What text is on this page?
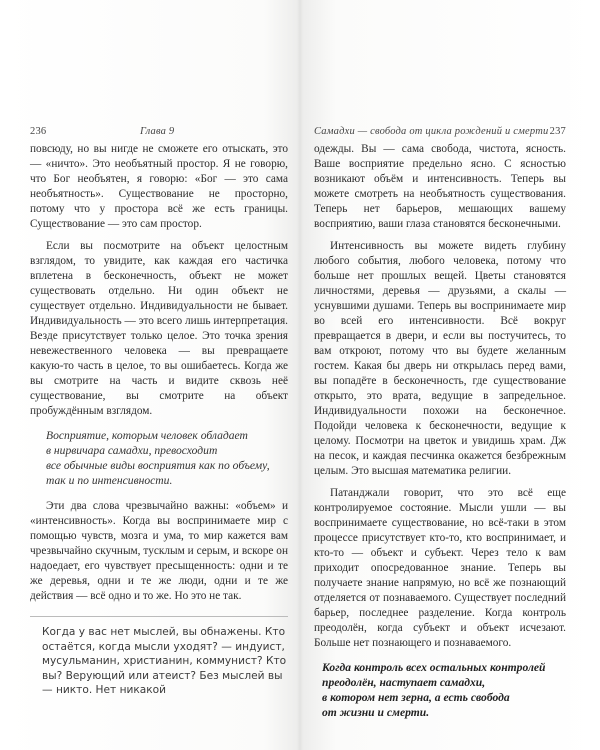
236	Глава 9

повсюду, но вы нигде не сможете его отыскать, это — «ничто». Это необъятный простор. Я не говорю, что Бог необъятен, я говорю: «Бог — это сама необъятность». Существование не просторно, потому что у простора всё же есть границы. Существование — это сам простор.

Если вы посмотрите на объект целостным взглядом, то увидите, как каждая его частичка вплетена в бесконечность, объект не может существовать отдельно. Ни один объект не существует отдельно. Индивидуальности не бывает. Индивидуальность — это всего лишь интерпретация. Везде присутствует только целое. Это точка зрения невежественного человека — вы превращаете какую-то часть в целое, то вы ошибаетесь. Когда же вы смотрите на часть и видите сквозь неё существование, вы смотрите на объект пробуждённым взглядом.

Восприятие, которым человек обладает
в нирвичара самадхи, превосходит
все обычные виды восприятия как по объему,
так и по интенсивности.

Эти два слова чрезвычайно важны: «объем» и «интенсивность». Когда вы воспринимаете мир с помощью чувств, мозга и ума, то мир кажется вам чрезвычайно скучным, тусклым и серым, и вскоре он надоедает, его чувствует пресыщенность: одни и те же деревья, одни и те же люди, одни и те же действия — всё одно и то же. Но это не так.

Когда у вас нет мыслей, вы обнажены. Кто остаётся, когда мысли уходят? — индуист, мусульманин, христианин, коммунист? Кто вы? Верующий или атеист? Без мыслей вы — никто. Нет никакой
Самадхи — свобода от цикла рождений и смерти 237

одежды. Вы — сама свобода, чистота, ясность. Ваше восприятие предельно ясно. С ясностью возникают объём и интенсивность. Теперь вы можете смотреть на необъятность существования. Теперь нет барьеров, мешающих вашему восприятию, ваши глаза становятся бесконечными.

Интенсивность вы можете видеть глубину любого события, любого человека, потому что больше нет прошлых вещей. Цветы становятся личностями, деревья — друзьями, а скалы — уснувшими душами. Теперь вы воспринимаете мир во всей его интенсивности. Всё вокруг превращается в двери, и если вы постучитесь, то вам откроют, потому что вы будете желанным гостем. Какая бы дверь ни открылась перед вами, вы попадёте в бесконечность, где существование открыто, это врата, ведущие в запредельное. Индивидуальности похожи на бесконечное. Подойди человека к бесконечности, ведущие к целому. Посмотри на цветок и увидишь храм. Дж на песок, и каждая песчинка окажется безбрежным целым. Это высшая математика религии.

Патанджали говорит, что это всё еще контролируемое состояние. Мысли ушли — вы воспринимаете существование, но всё-таки в этом процессе присутствует кто-то, кто воспринимает, и кто-то — объект и субъект. Через тело к вам приходит опосредованное знание. Теперь вы получаете знание напрямую, но всё же познающий отделяется от познаваемого. Существует последний барьер, последнее разделение. Когда контроль преодолён, когда субъект и объект исчезают. Больше нет познающего и познаваемого.

Когда контроль всех остальных контролей
преодолён, наступает самадхи,
в котором нет зерна, а есть свобода
от жизни и смерти.
